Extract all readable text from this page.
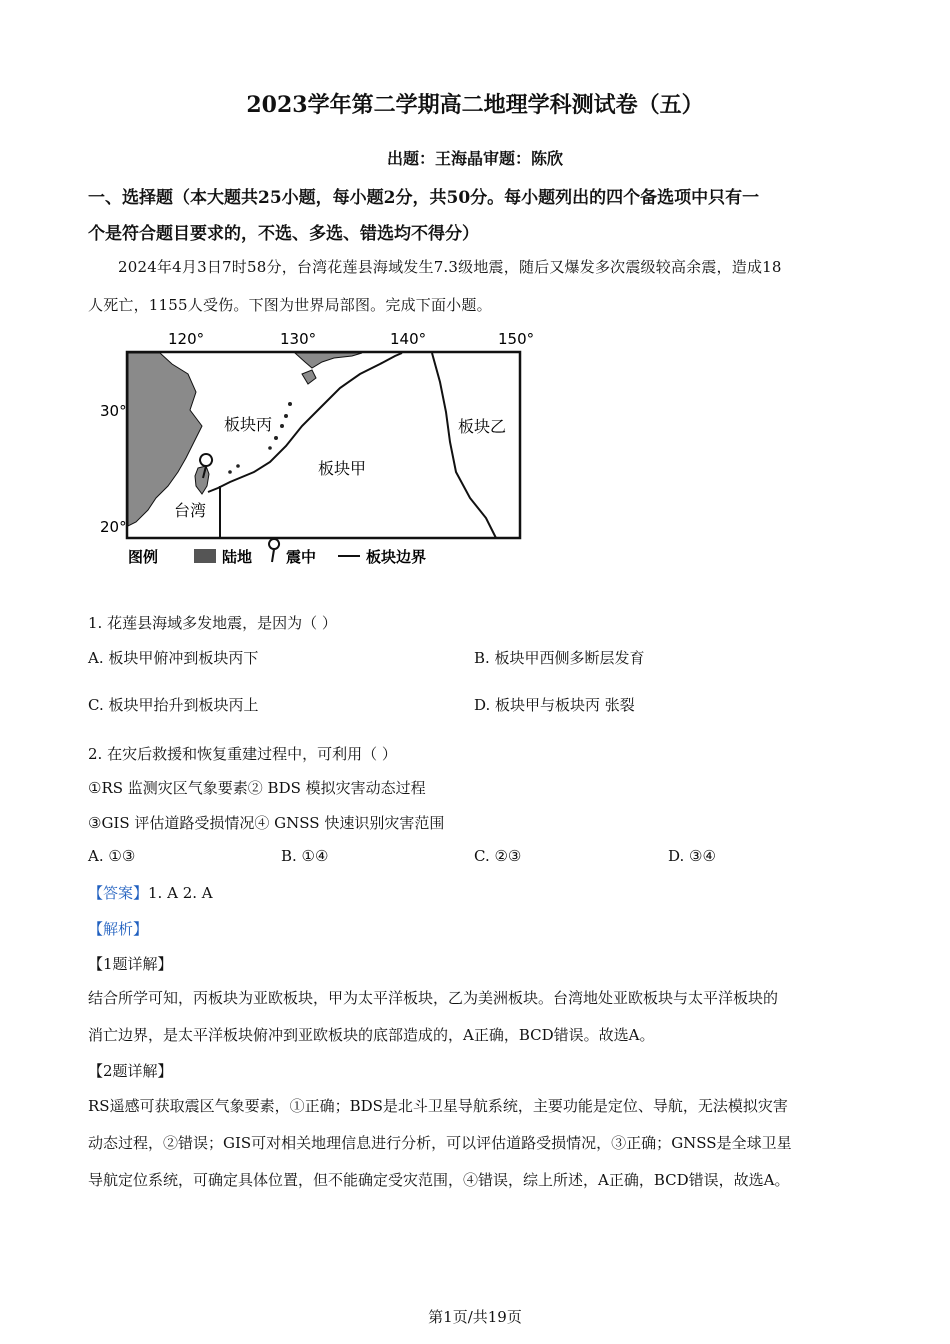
2023学年第二学期高二地理学科测试卷（五）
出题：王海晶审题：陈欣
一、选择题（本大题共25小题，每小题2分，共50分。每小题列出的四个备选项中只有一
个是符合题目要求的，不选、多选、错选均不得分）
2024年4月3日7时58分，台湾花莲县海域发生7.3级地震，随后又爆发多次震级较高余震，造成18
人死亡，1155人受伤。下图为世界局部图。完成下面小题。
120°	130°	140°	150°
30°
20°
板块丙
板块甲
板块乙
台湾
图例	陆地 震中	板块边界
1. 花莲县海域多发地震，是因为（ ）
A. 板块甲俯冲到板块丙下	B. 板块甲西侧多断层发育
C. 板块甲抬升到板块丙上	D. 板块甲与板块丙 张裂
2. 在灾后救援和恢复重建过程中，可利用（ ）
①RS 监测灾区气象要素② BDS 模拟灾害动态过程
③GIS 评估道路受损情况④ GNSS 快速识别灾害范围
A. ①③	B. ①④	C. ②③	D. ③④
【答案】1. A 2. A
【解析】
【1题详解】
结合所学可知，丙板块为亚欧板块，甲为太平洋板块，乙为美洲板块。台湾地处亚欧板块与太平洋板块的
消亡边界，是太平洋板块俯冲到亚欧板块的底部造成的，A正确，BCD错误。故选A。
【2题详解】
RS遥感可获取震区气象要素，①正确；BDS是北斗卫星导航系统，主要功能是定位、导航，无法模拟灾害
动态过程，②错误；GIS可对相关地理信息进行分析，可以评估道路受损情况，③正确；GNSS是全球卫星
导航定位系统，可确定具体位置，但不能确定受灾范围，④错误，综上所述，A正确，BCD错误，故选A。
第1页/共19页
